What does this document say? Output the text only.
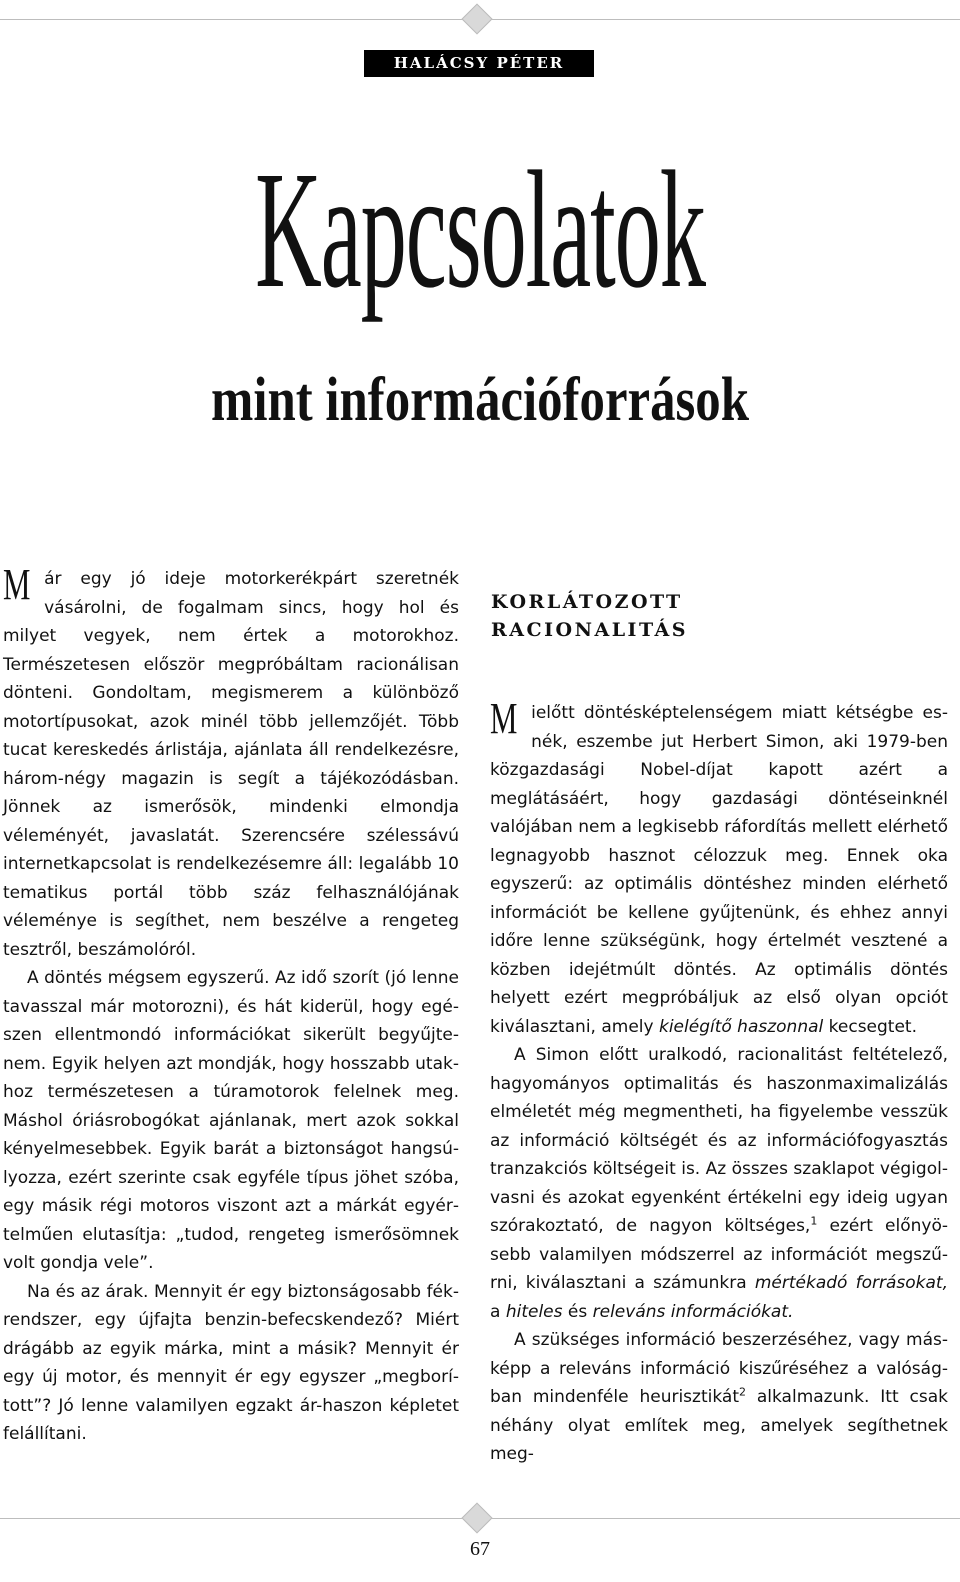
HALÁCSY PÉTER
Kapcsolatok
mint információforrások

Már egy jó ideje motorkerékpárt szeretnék vásárolni, de fogalmam sincs, hogy hol és milyet vegyek, nem értek a motorokhoz. Természetesen először megpróbáltam racionálisan dönteni. Gondoltam, megismerem a különböző motortípusokat, azok minél több jellemzőjét. Több tucat kereskedés árlistája, ajánlata áll rendelkezésre, három-négy magazin is segít a tájékozódásban. Jönnek az ismerősök, mindenki elmondja véleményét, javaslatát. Szerencsére szélessávú internetkapcsolat is rendelkezésemre áll: legalább 10 tematikus portál több száz felhasználójának véleménye is segíthet, nem beszélve a rengeteg tesztről, beszámolóról.

A döntés mégsem egyszerű. Az idő szorít (jó lenne tavasszal már motorozni), és hát kiderül, hogy egészen ellentmondó információkat sikerült begyűjtenem. Egyik helyen azt mondják, hogy hosszabb utakhoz természetesen a túramotorok felelnek meg. Máshol óriásrobogókat ajánlanak, mert azok sokkal kényelmesebbek. Egyik barát a biztonságot hangsúlyozza, ezért szerinte csak egyféle típus jöhet szóba, egy másik régi motoros viszont azt a márkát egyértelműen elutasítja: „tudod, rengeteg ismerősömnek volt gondja vele”.

Na és az árak. Mennyit ér egy biztonságosabb fékrendszer, egy újfajta benzin-befecskendező? Miért drágább az egyik márka, mint a másik? Mennyit ér egy új motor, és mennyit ér egy egyszer „megborított”? Jó lenne valamilyen egzakt ár-haszon képletet felállítani.

KORLÁTOZOTT
RACIONALITÁS

Mielőtt döntésképtelenségem miatt kétségbe esnék, eszembe jut Herbert Simon, aki 1979-ben közgazdasági Nobel-díjat kapott azért a meglátásáért, hogy gazdasági döntéseinknél valójában nem a legkisebb ráfordítás mellett elérhető legnagyobb hasznot célozzuk meg. Ennek oka egyszerű: az optimális döntéshez minden elérhető információt be kellene gyűjtenünk, és ehhez annyi időre lenne szükségünk, hogy értelmét vesztené a közben idejétmúlt döntés. Az optimális döntés helyett ezért megpróbáljuk az első olyan opciót kiválasztani, amely kielégítő haszonnal kecsegtet.

A Simon előtt uralkodó, racionalitást feltételező, hagyományos optimalitás és haszonmaximalizálás elméletét még megmentheti, ha figyelembe vesszük az információ költségét és az információfogyasztás tranzakciós költségeit is. Az összes szaklapot végigolvasni és azokat egyenként értékelni egy ideig ugyan szórakoztató, de nagyon költséges,$^1$ ezért előnyösebb valamilyen módszerrel az információt megszűrni, kiválasztani a számunkra mértékadó forrásokat, a hiteles és releváns információkat.

A szükséges információ beszerzéséhez, vagy másképp a releváns információ kiszűréséhez a valóságban mindenféle heurisztikát$^2$ alkalmazunk. Itt csak néhány olyat említek meg, amelyek segíthetnek meg-

67
